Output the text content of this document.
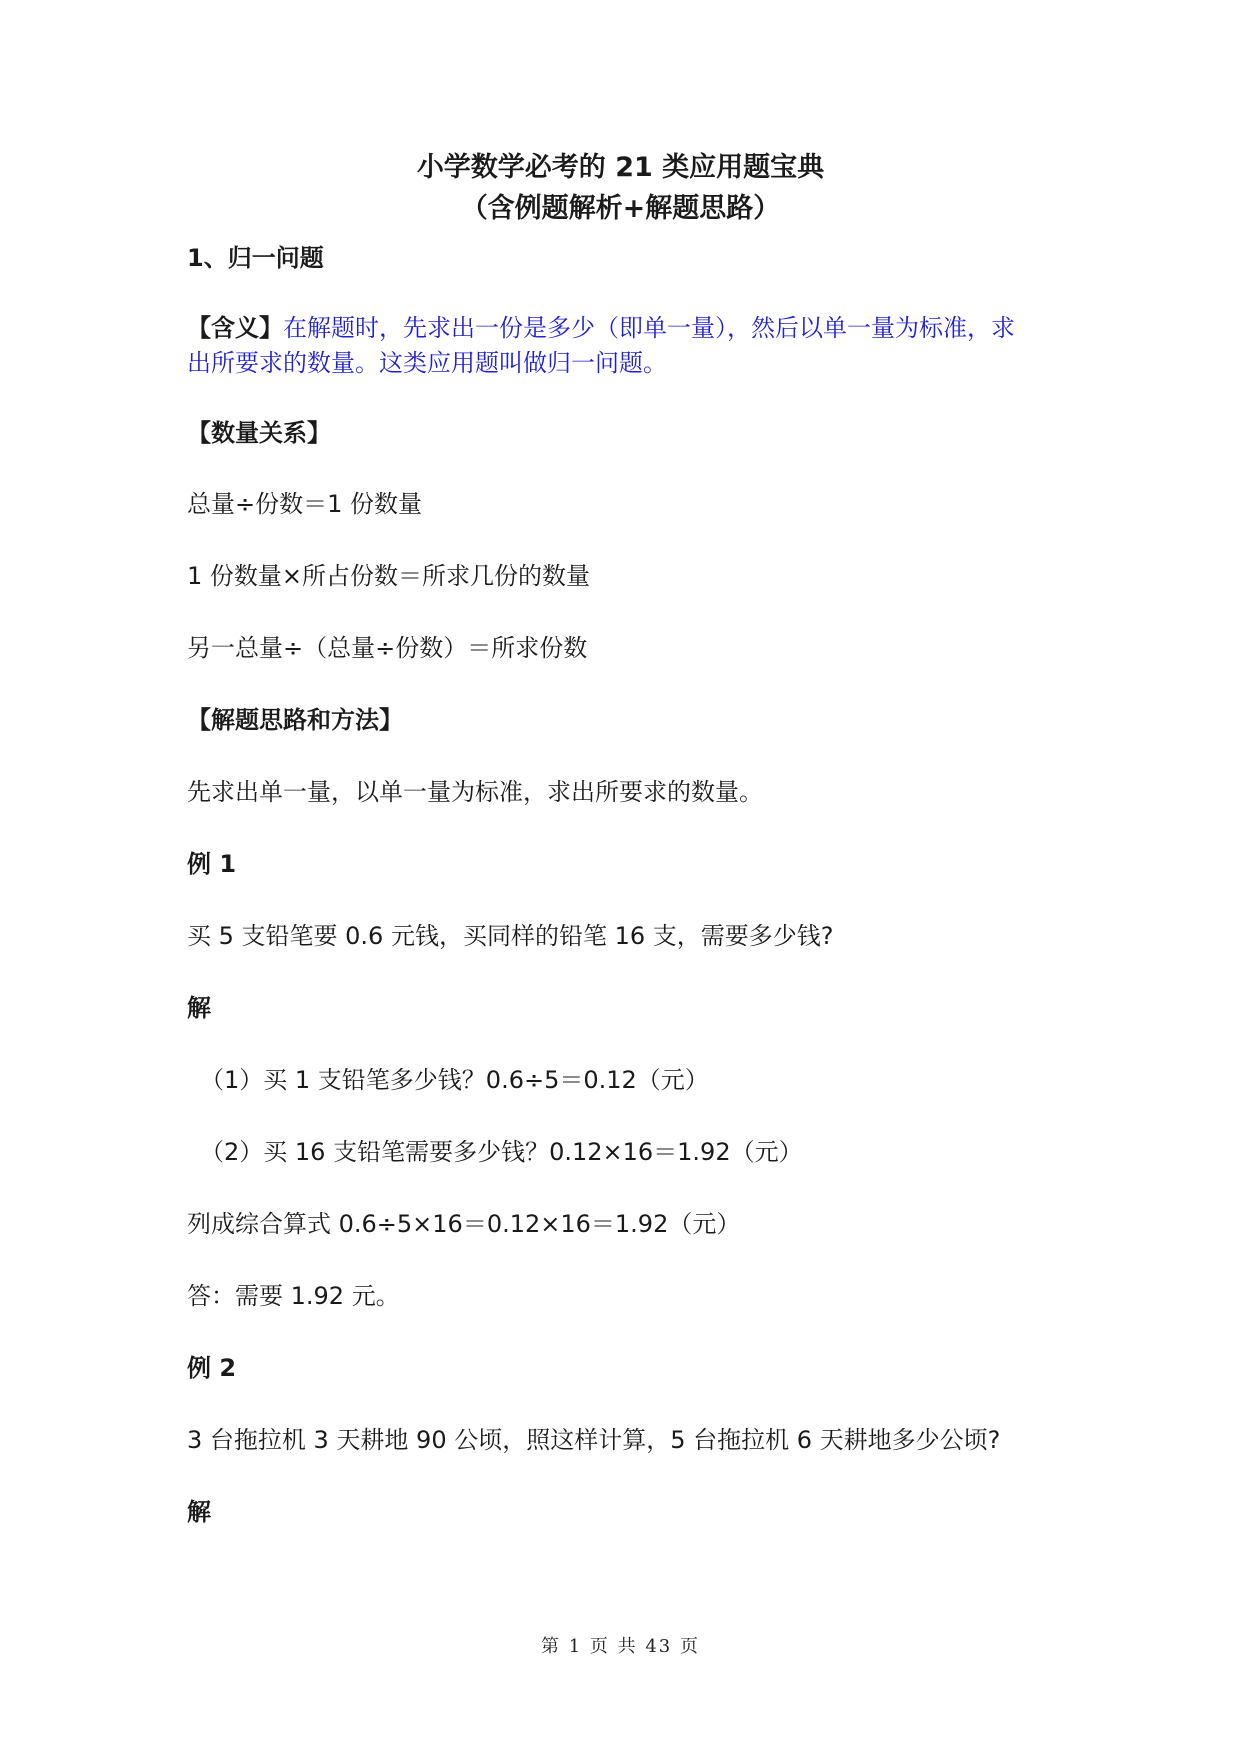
小学数学必考的 21 类应用题宝典
（含例题解析+解题思路）
1、归一问题
【含义】在解题时，先求出一份是多少（即单一量），然后以单一量为标准，求
出所要求的数量。这类应用题叫做归一问题。
【数量关系】
总量÷份数＝1 份数量
1 份数量×所占份数＝所求几份的数量
另一总量÷（总量÷份数）＝所求份数
【解题思路和方法】
先求出单一量，以单一量为标准，求出所要求的数量。
例 1
买 5 支铅笔要 0.6 元钱，买同样的铅笔 16 支，需要多少钱?
解
（1）买 1 支铅笔多少钱？0.6÷5＝0.12（元）
（2）买 16 支铅笔需要多少钱？0.12×16＝1.92（元）
列成综合算式 0.6÷5×16＝0.12×16＝1.92（元）
答：需要 1.92 元。
例 2
3 台拖拉机 3 天耕地 90 公顷，照这样计算，5 台拖拉机 6 天耕地多少公顷?
解
第 1 页 共 43 页
